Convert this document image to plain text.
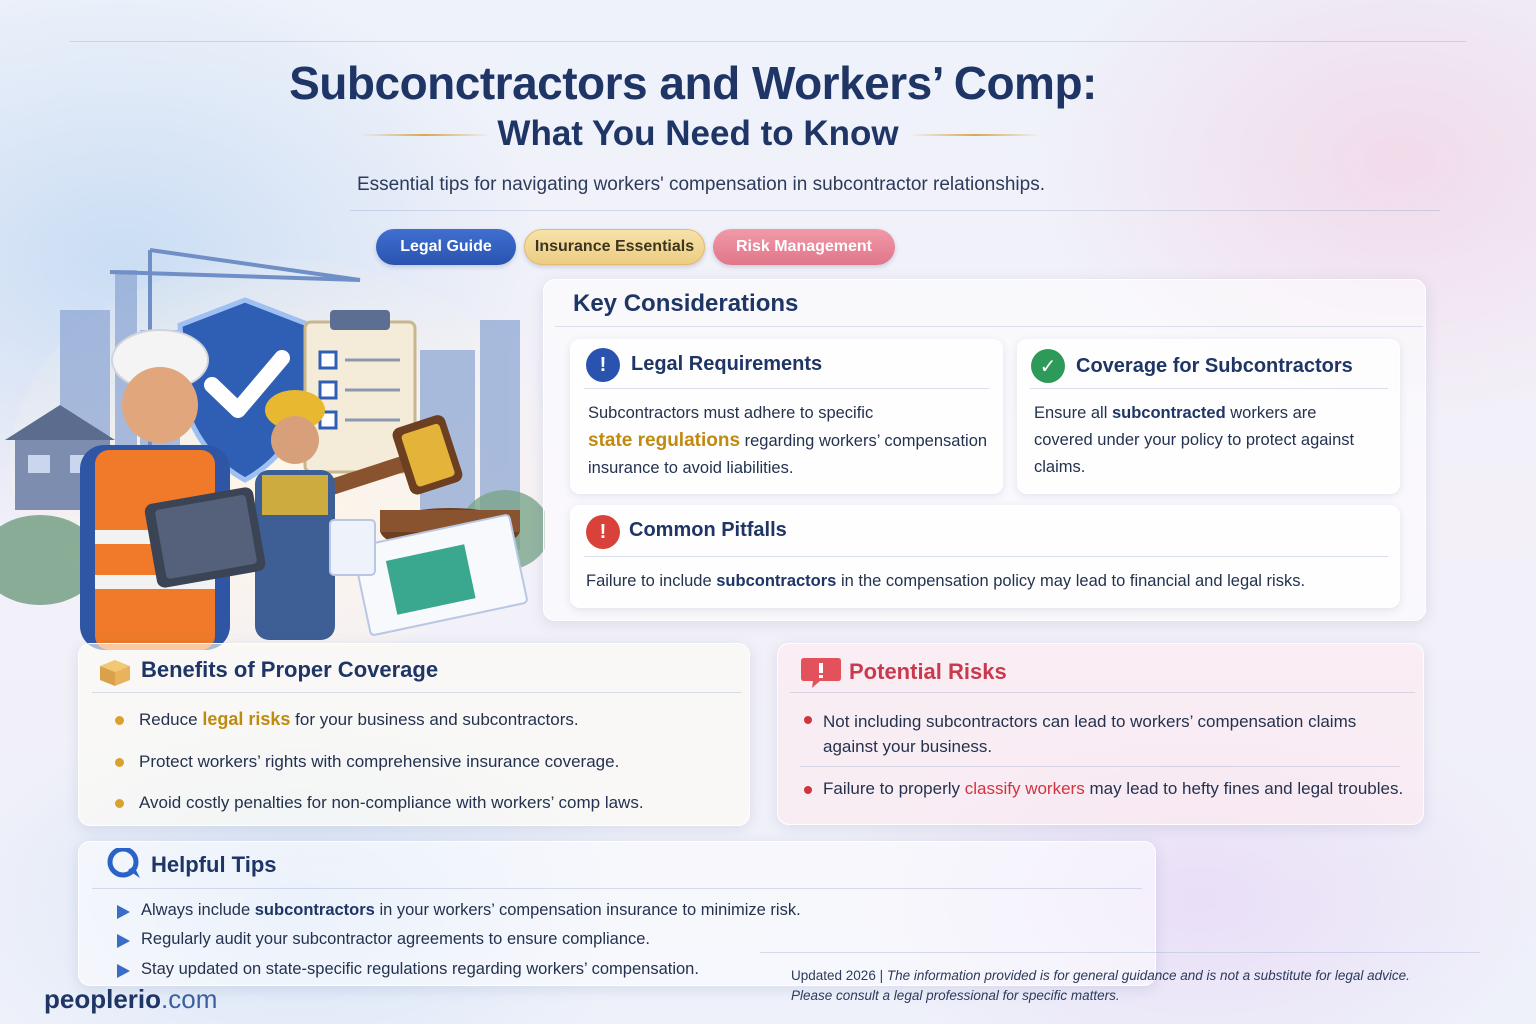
Subconctractors and Workers’ Comp:
What You Need to Know

Essential tips for navigating workers' compensation in subcontractor relationships.

Legal Guide	Insurance Essentials	Risk Management
Key Considerations
!	Legal Requirements
Subcontractors must adhere to specific
state regulations regarding workers’ compensation insurance to avoid liabilities.
✓ Coverage for Subcontractors
Ensure all subcontracted workers are covered under your policy to protect against claims.
!	Common Pitfalls
Failure to include subcontractors in the compensation policy may lead to financial and legal risks.
Benefits of Proper Coverage
Reduce legal risks for your business and subcontractors.
Protect workers’ rights with comprehensive insurance coverage.
Avoid costly penalties for non-compliance with workers’ comp laws.
Potential Risks
Not including subcontractors can lead to workers’ compensation claims against your business.
Failure to properly classify workers may lead to hefty fines and legal troubles.
Helpful Tips
Always include subcontractors in your workers’ compensation insurance to minimize risk.
Regularly audit your subcontractor agreements to ensure compliance.
Stay updated on state-specific regulations regarding workers’ compensation.	Updated 2026 | The information provided is for general guidance and is not a substitute for legal advice.
Please consult a legal professional for specific matters.
peoplerio.com
